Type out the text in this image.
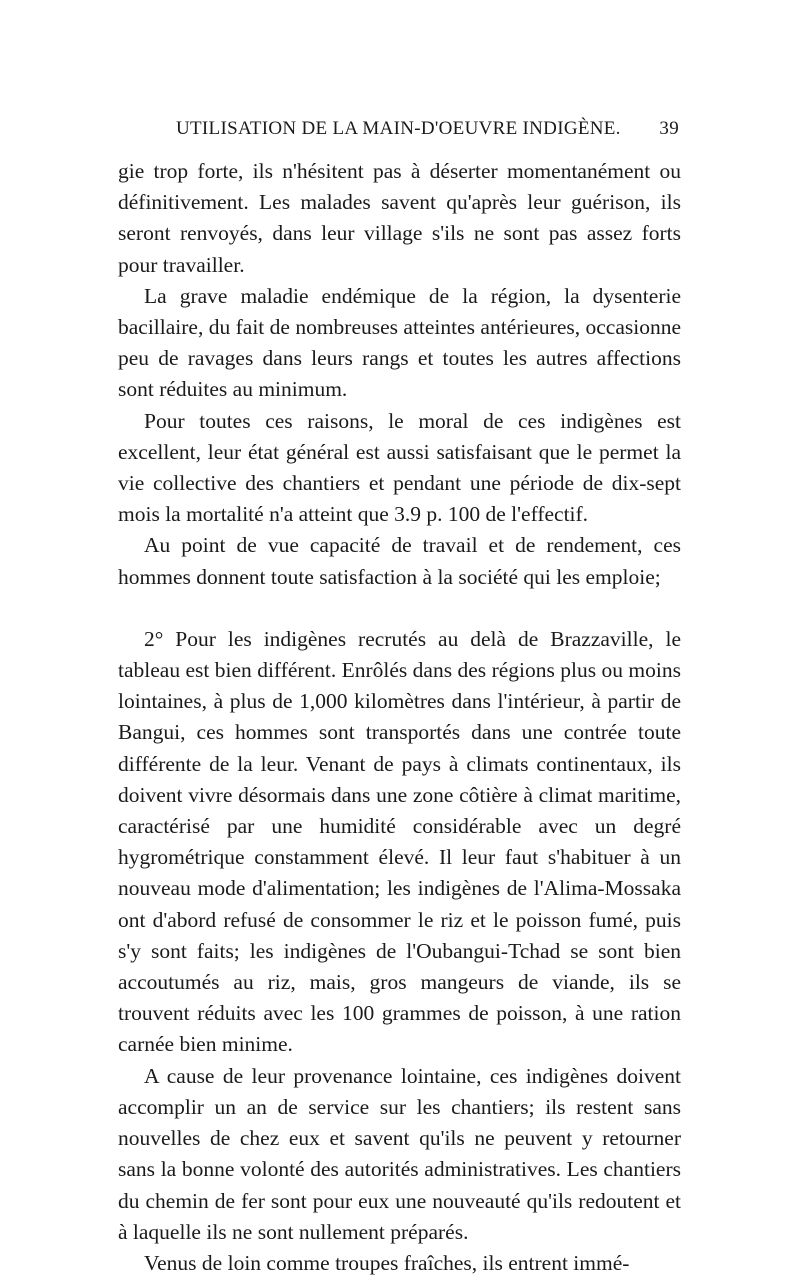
UTILISATION DE LA MAIN-D'OEUVRE INDIGÈNE. 39

gie trop forte, ils n'hésitent pas à déserter momentanément ou définitivement. Les malades savent qu'après leur guérison, ils seront renvoyés, dans leur village s'ils ne sont pas assez forts pour travailler.

La grave maladie endémique de la région, la dysenterie bacillaire, du fait de nombreuses atteintes antérieures, occasionne peu de ravages dans leurs rangs et toutes les autres affections sont réduites au minimum.

Pour toutes ces raisons, le moral de ces indigènes est excellent, leur état général est aussi satisfaisant que le permet la vie collective des chantiers et pendant une période de dix-sept mois la mortalité n'a atteint que 3.9 p. 100 de l'effectif.

Au point de vue capacité de travail et de rendement, ces hommes donnent toute satisfaction à la société qui les emploie;

2° Pour les indigènes recrutés au delà de Brazzaville, le tableau est bien différent. Enrôlés dans des régions plus ou moins lointaines, à plus de 1,000 kilomètres dans l'intérieur, à partir de Bangui, ces hommes sont transportés dans une contrée toute différente de la leur. Venant de pays à climats continentaux, ils doivent vivre désormais dans une zone côtière à climat maritime, caractérisé par une humidité considérable avec un degré hygrométrique constamment élevé. Il leur faut s'habituer à un nouveau mode d'alimentation; les indigènes de l'Alima-Mossaka ont d'abord refusé de consommer le riz et le poisson fumé, puis s'y sont faits; les indigènes de l'Oubangui-Tchad se sont bien accoutumés au riz, mais, gros mangeurs de viande, ils se trouvent réduits avec les 100 grammes de poisson, à une ration carnée bien minime.

A cause de leur provenance lointaine, ces indigènes doivent accomplir un an de service sur les chantiers; ils restent sans nouvelles de chez eux et savent qu'ils ne peuvent y retourner sans la bonne volonté des autorités administratives. Les chantiers du chemin de fer sont pour eux une nouveauté qu'ils redoutent et à laquelle ils ne sont nullement préparés.

Venus de loin comme troupes fraîches, ils entrent immé-
